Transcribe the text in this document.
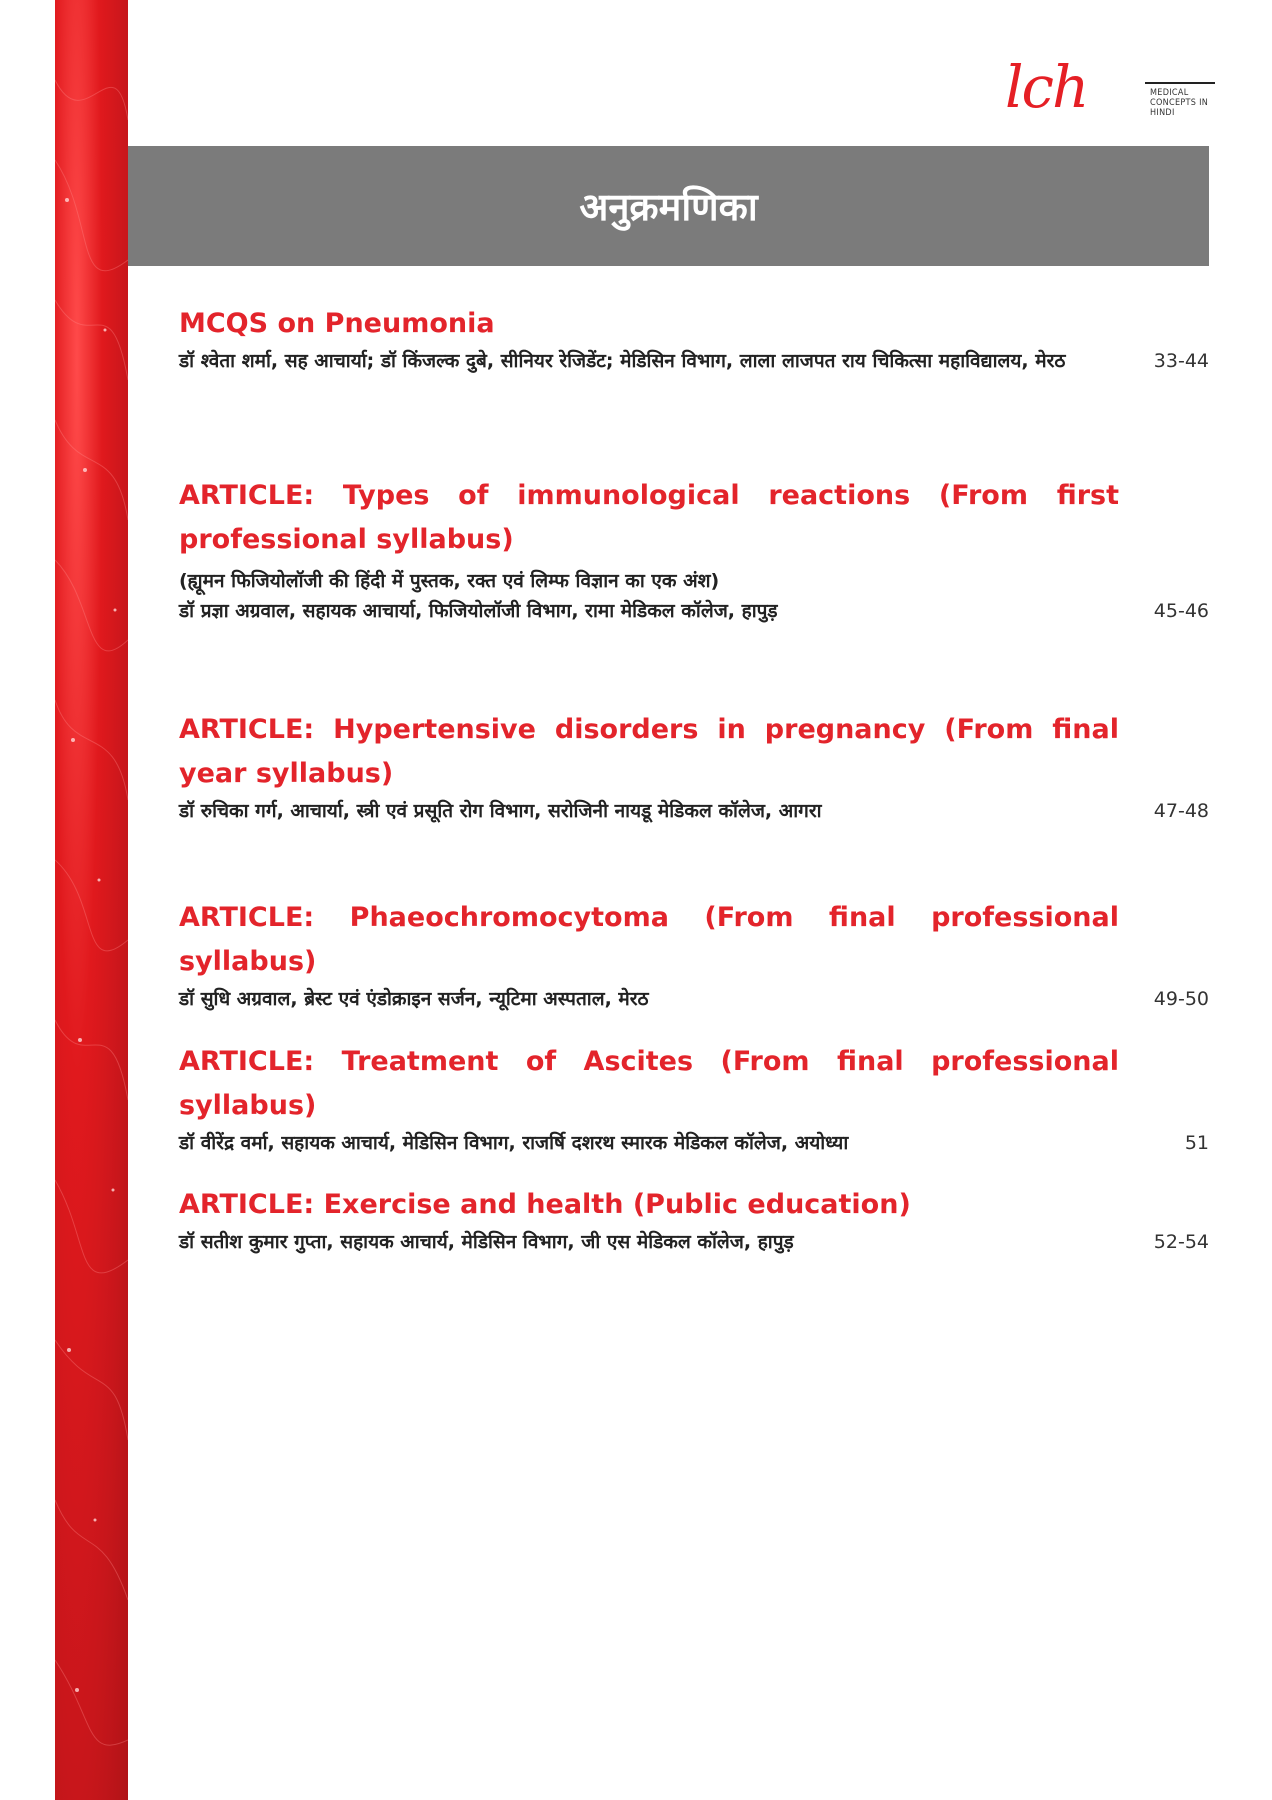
lch	MEDICAL CONCEPTS IN HINDI
अनुक्रमणिका
MCQS on Pneumonia
डॉ श्वेता शर्मा, सह आचार्या; डॉ किंजल्क दुबे, सीनियर रेजिडेंट; मेडिसिन विभाग, लाला लाजपत राय चिकित्सा महाविद्यालय, मेरठ	33-44
ARTICLE: Types of immunological reactions (From first professional syllabus)
(ह्यूमन फिजियोलॉजी की हिंदी में पुस्तक, रक्त एवं लिम्फ विज्ञान का एक अंश)
डॉ प्रज्ञा अग्रवाल, सहायक आचार्या, फिजियोलॉजी विभाग, रामा मेडिकल कॉलेज, हापुड़	45-46
ARTICLE: Hypertensive disorders in pregnancy (From final year syllabus)
डॉ रुचिका गर्ग, आचार्या, स्त्री एवं प्रसूति रोग विभाग, सरोजिनी नायडू मेडिकल कॉलेज, आगरा	47-48
ARTICLE: Phaeochromocytoma (From final professional syllabus)
डॉ सुधि अग्रवाल, ब्रेस्ट एवं एंडोक्राइन सर्जन, न्यूटिमा अस्पताल, मेरठ	49-50
ARTICLE: Treatment of Ascites (From final professional syllabus)
डॉ वीरेंद्र वर्मा, सहायक आचार्य, मेडिसिन विभाग, राजर्षि दशरथ स्मारक मेडिकल कॉलेज, अयोध्या	51
ARTICLE: Exercise and health (Public education)
डॉ सतीश कुमार गुप्ता, सहायक आचार्य, मेडिसिन विभाग, जी एस मेडिकल कॉलेज, हापुड़	52-54
